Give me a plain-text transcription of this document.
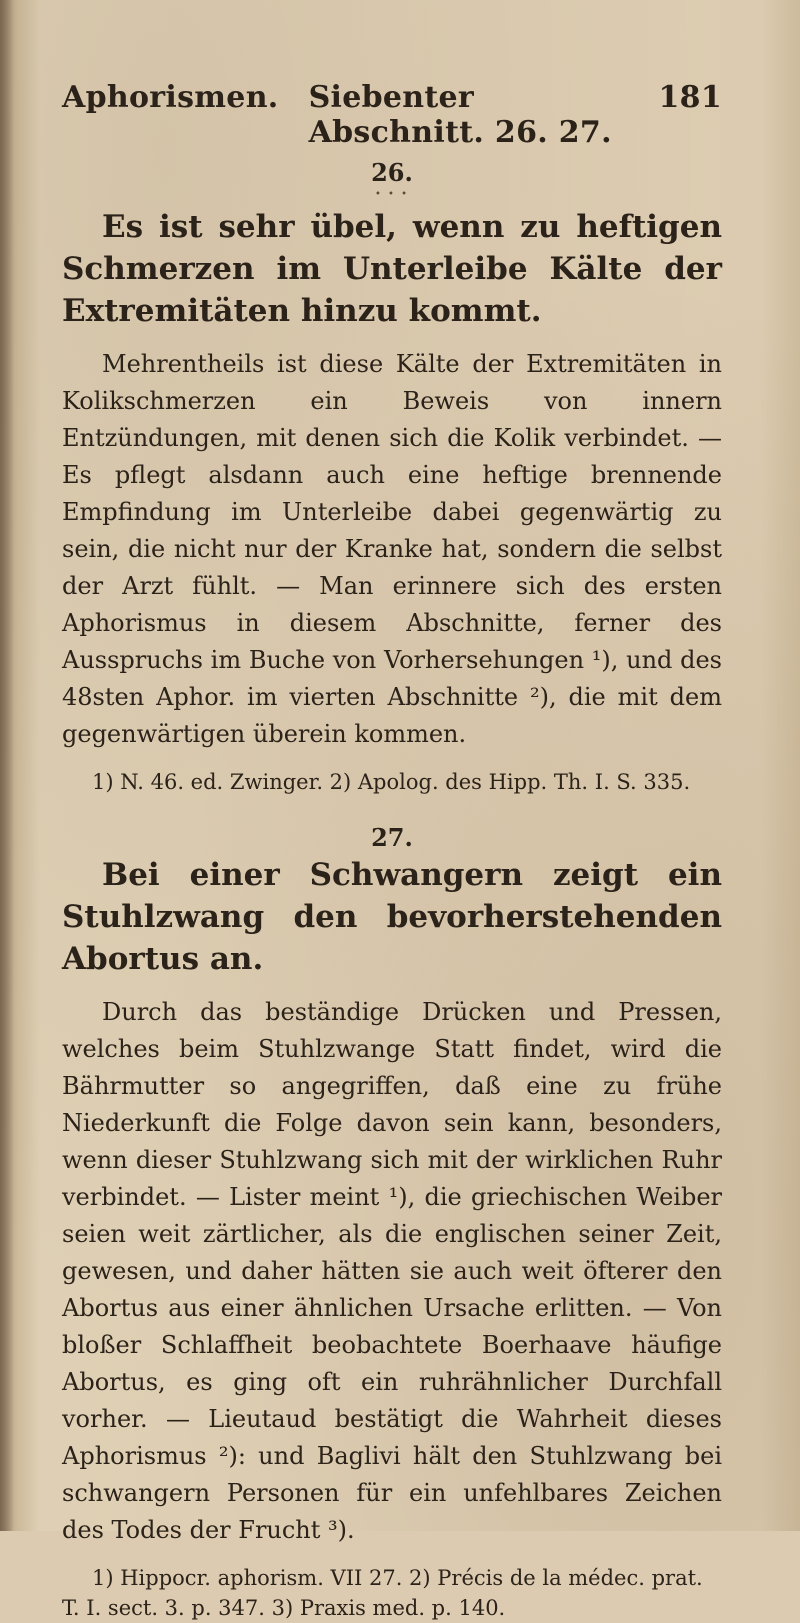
Aphorismen. Siebenter Abschnitt. 26. 27.
181
26.
• • •

Es ist sehr übel, wenn zu heftigen Schmerzen im Unterleibe Kälte der Extremitäten hinzu kommt.

Mehrentheils ist diese Kälte der Extremitäten in Kolikschmerzen ein Beweis von innern Entzündungen, mit denen sich die Kolik verbindet. — Es pflegt alsdann auch eine heftige brennende Empfindung im Unterleibe dabei gegenwärtig zu sein, die nicht nur der Kranke hat, sondern die selbst der Arzt fühlt. — Man erinnere sich des ersten Aphorismus in diesem Abschnitte, ferner des Ausspruchs im Buche von Vorhersehungen ¹), und des 48sten Aphor. im vierten Abschnitte ²), die mit dem gegenwärtigen überein kommen.

1) N. 46. ed. Zwinger. 2) Apolog. des Hipp. Th. I. S. 335.

27.

Bei einer Schwangern zeigt ein Stuhlzwang den bevorherstehenden Abortus an.

Durch das beständige Drücken und Pressen, welches beim Stuhlzwange Statt findet, wird die Bährmutter so angegriffen, daß eine zu frühe Niederkunft die Folge davon sein kann, besonders, wenn dieser Stuhlzwang sich mit der wirklichen Ruhr verbindet. — Lister meint ¹), die griechischen Weiber seien weit zärtlicher, als die englischen seiner Zeit, gewesen, und daher hätten sie auch weit öfterer den Abortus aus einer ähnlichen Ursache erlitten. — Von bloßer Schlaffheit beobachtete Boerhaave häufige Abortus, es ging oft ein ruhrähnlicher Durchfall vorher. — Lieutaud bestätigt die Wahrheit dieses Aphorismus ²): und Baglivi hält den Stuhlzwang bei schwangern Personen für ein unfehlbares Zeichen des Todes der Frucht ³).

1) Hippocr. aphorism. VII 27. 2) Précis de la médec. prat. T. I. sect. 3. p. 347. 3) Praxis med. p. 140.
